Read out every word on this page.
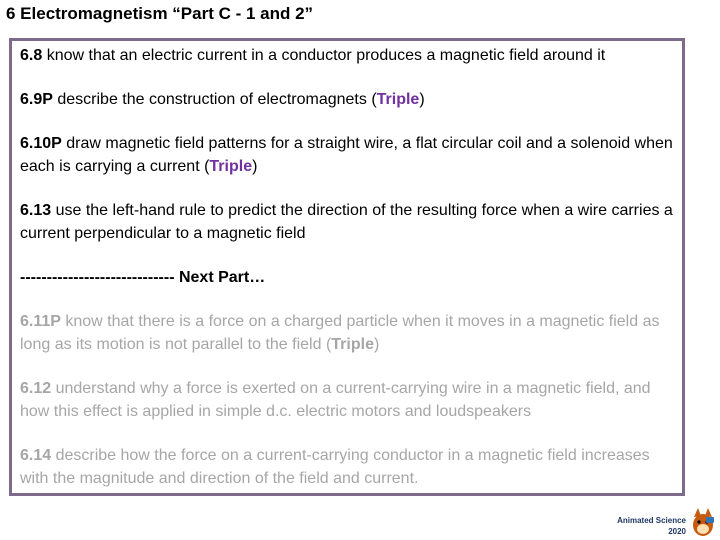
6 Electromagnetism “Part C - 1 and 2”

6.8 know that an electric current in a conductor produces a magnetic field around it

6.9P describe the construction of electromagnets (Triple)

6.10P draw magnetic field patterns for a straight wire, a flat circular coil and a solenoid when each is carrying a current (Triple)

6.13 use the left-hand rule to predict the direction of the resulting force when a wire carries a current perpendicular to a magnetic field

----------------------------- Next Part…

6.11P know that there is a force on a charged particle when it moves in a magnetic field as long as its motion is not parallel to the field (Triple)

6.12 understand why a force is exerted on a current-carrying wire in a magnetic field, and how this effect is applied in simple d.c. electric motors and loudspeakers

6.14 describe how the force on a current-carrying conductor in a magnetic field increases with the magnitude and direction of the field and current.

Animated Science
2020
